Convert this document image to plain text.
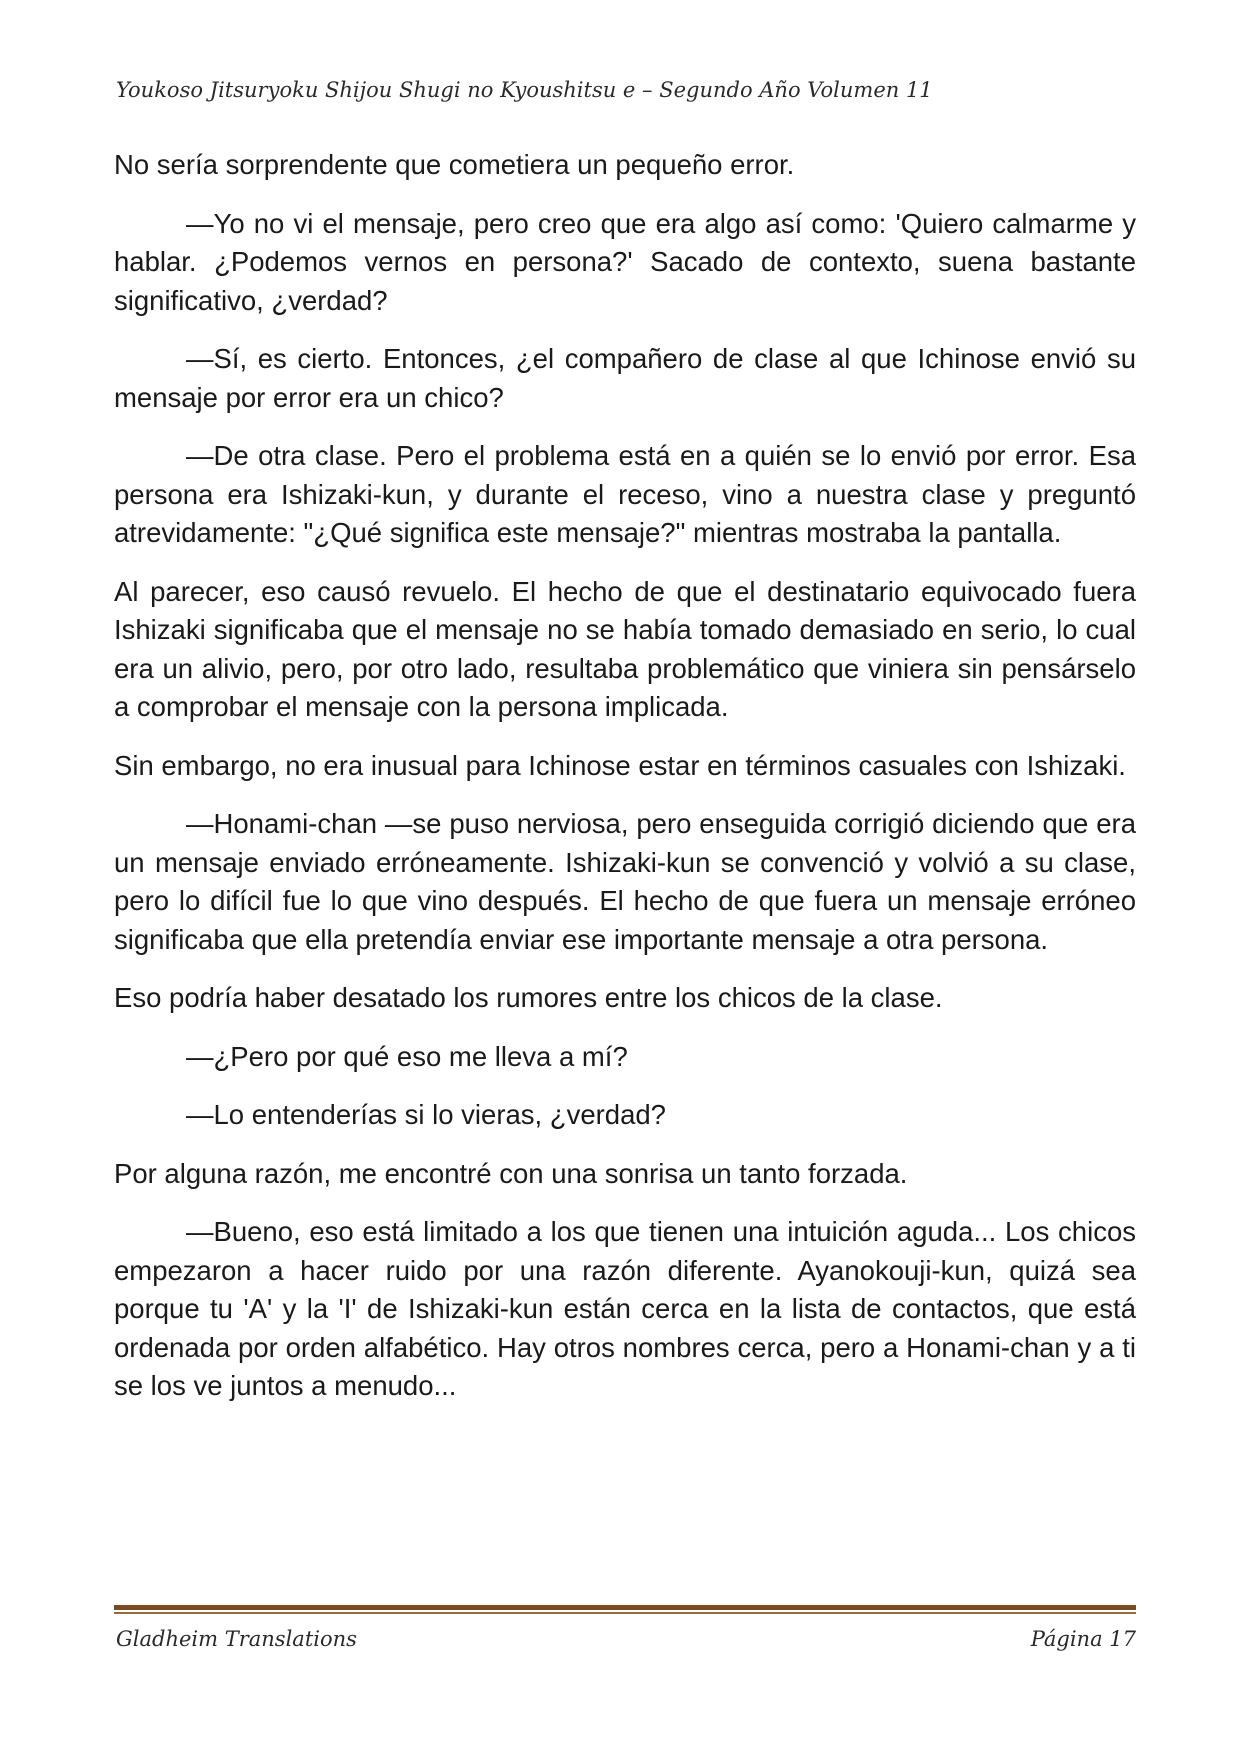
Youkoso Jitsuryoku Shijou Shugi no Kyoushitsu e – Segundo Año Volumen 11

No sería sorprendente que cometiera un pequeño error.

—Yo no vi el mensaje, pero creo que era algo así como: 'Quiero calmarme y hablar. ¿Podemos vernos en persona?' Sacado de contexto, suena bastante significativo, ¿verdad?

—Sí, es cierto. Entonces, ¿el compañero de clase al que Ichinose envió su mensaje por error era un chico?

—De otra clase. Pero el problema está en a quién se lo envió por error. Esa persona era Ishizaki-kun, y durante el receso, vino a nuestra clase y preguntó atrevidamente: "¿Qué significa este mensaje?" mientras mostraba la pantalla.

Al parecer, eso causó revuelo. El hecho de que el destinatario equivocado fuera Ishizaki significaba que el mensaje no se había tomado demasiado en serio, lo cual era un alivio, pero, por otro lado, resultaba problemático que viniera sin pensárselo a comprobar el mensaje con la persona implicada.

Sin embargo, no era inusual para Ichinose estar en términos casuales con Ishizaki.

—Honami-chan —se puso nerviosa, pero enseguida corrigió diciendo que era un mensaje enviado erróneamente. Ishizaki-kun se convenció y volvió a su clase, pero lo difícil fue lo que vino después. El hecho de que fuera un mensaje erróneo significaba que ella pretendía enviar ese importante mensaje a otra persona.

Eso podría haber desatado los rumores entre los chicos de la clase.

—¿Pero por qué eso me lleva a mí?

—Lo entenderías si lo vieras, ¿verdad?

Por alguna razón, me encontré con una sonrisa un tanto forzada.

—Bueno, eso está limitado a los que tienen una intuición aguda... Los chicos empezaron a hacer ruido por una razón diferente. Ayanokouji-kun, quizá sea porque tu 'A' y la 'I' de Ishizaki-kun están cerca en la lista de contactos, que está ordenada por orden alfabético. Hay otros nombres cerca, pero a Honami-chan y a ti se los ve juntos a menudo...

Gladheim Translations	Página 17
